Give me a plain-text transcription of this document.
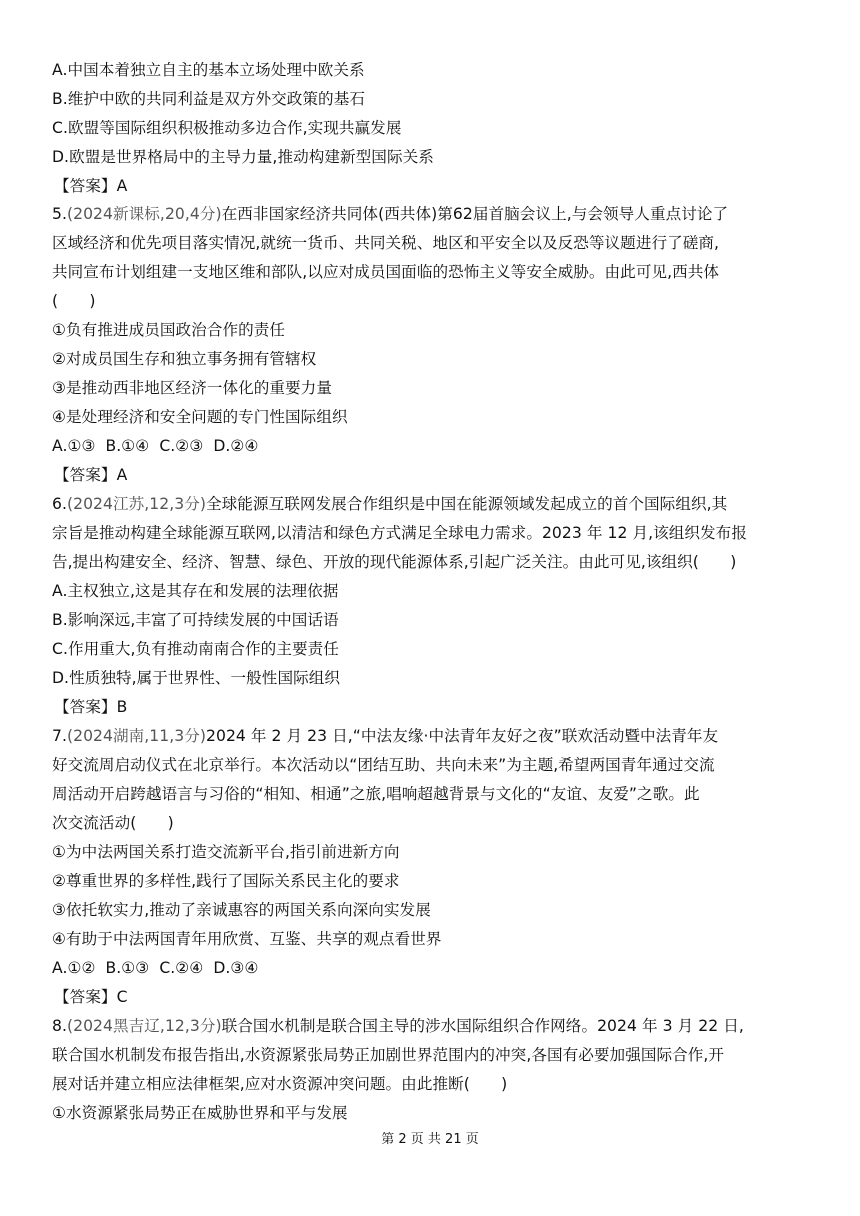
A.中国本着独立自主的基本立场处理中欧关系
B.维护中欧的共同利益是双方外交政策的基石
C.欧盟等国际组织积极推动多边合作,实现共赢发展
D.欧盟是世界格局中的主导力量,推动构建新型国际关系
【答案】A
5.(2024新课标,20,4分)在西非国家经济共同体(西共体)第62届首脑会议上,与会领导人重点讨论了
区域经济和优先项目落实情况,就统一货币、共同关税、地区和平安全以及反恐等议题进行了磋商,
共同宣布计划组建一支地区维和部队,以应对成员国面临的恐怖主义等安全威胁。由此可见,西共体
(　　)
①负有推进成员国政治合作的责任
②对成员国生存和独立事务拥有管辖权
③是推动西非地区经济一体化的重要力量
④是处理经济和安全问题的专门性国际组织
A.①③  B.①④  C.②③  D.②④
【答案】A
6.(2024江苏,12,3分)全球能源互联网发展合作组织是中国在能源领域发起成立的首个国际组织,其
宗旨是推动构建全球能源互联网,以清洁和绿色方式满足全球电力需求。2023 年 12 月,该组织发布报
告,提出构建安全、经济、智慧、绿色、开放的现代能源体系,引起广泛关注。由此可见,该组织(　　)
A.主权独立,这是其存在和发展的法理依据
B.影响深远,丰富了可持续发展的中国话语
C.作用重大,负有推动南南合作的主要责任
D.性质独特,属于世界性、一般性国际组织
【答案】B
7.(2024湖南,11,3分)2024 年 2 月 23 日,“中法友缘·中法青年友好之夜”联欢活动暨中法青年友
好交流周启动仪式在北京举行。本次活动以“团结互助、共向未来”为主题,希望两国青年通过交流
周活动开启跨越语言与习俗的“相知、相通”之旅,唱响超越背景与文化的“友谊、友爱”之歌。此
次交流活动(　　)
①为中法两国关系打造交流新平台,指引前进新方向
②尊重世界的多样性,践行了国际关系民主化的要求
③依托软实力,推动了亲诚惠容的两国关系向深向实发展
④有助于中法两国青年用欣赏、互鉴、共享的观点看世界
A.①②  B.①③  C.②④  D.③④
【答案】C
8.(2024黑吉辽,12,3分)联合国水机制是联合国主导的涉水国际组织合作网络。2024 年 3 月 22 日,
联合国水机制发布报告指出,水资源紧张局势正加剧世界范围内的冲突,各国有必要加强国际合作,开
展对话并建立相应法律框架,应对水资源冲突问题。由此推断(　　)
①水资源紧张局势正在威胁世界和平与发展
第 2 页 共 21 页
